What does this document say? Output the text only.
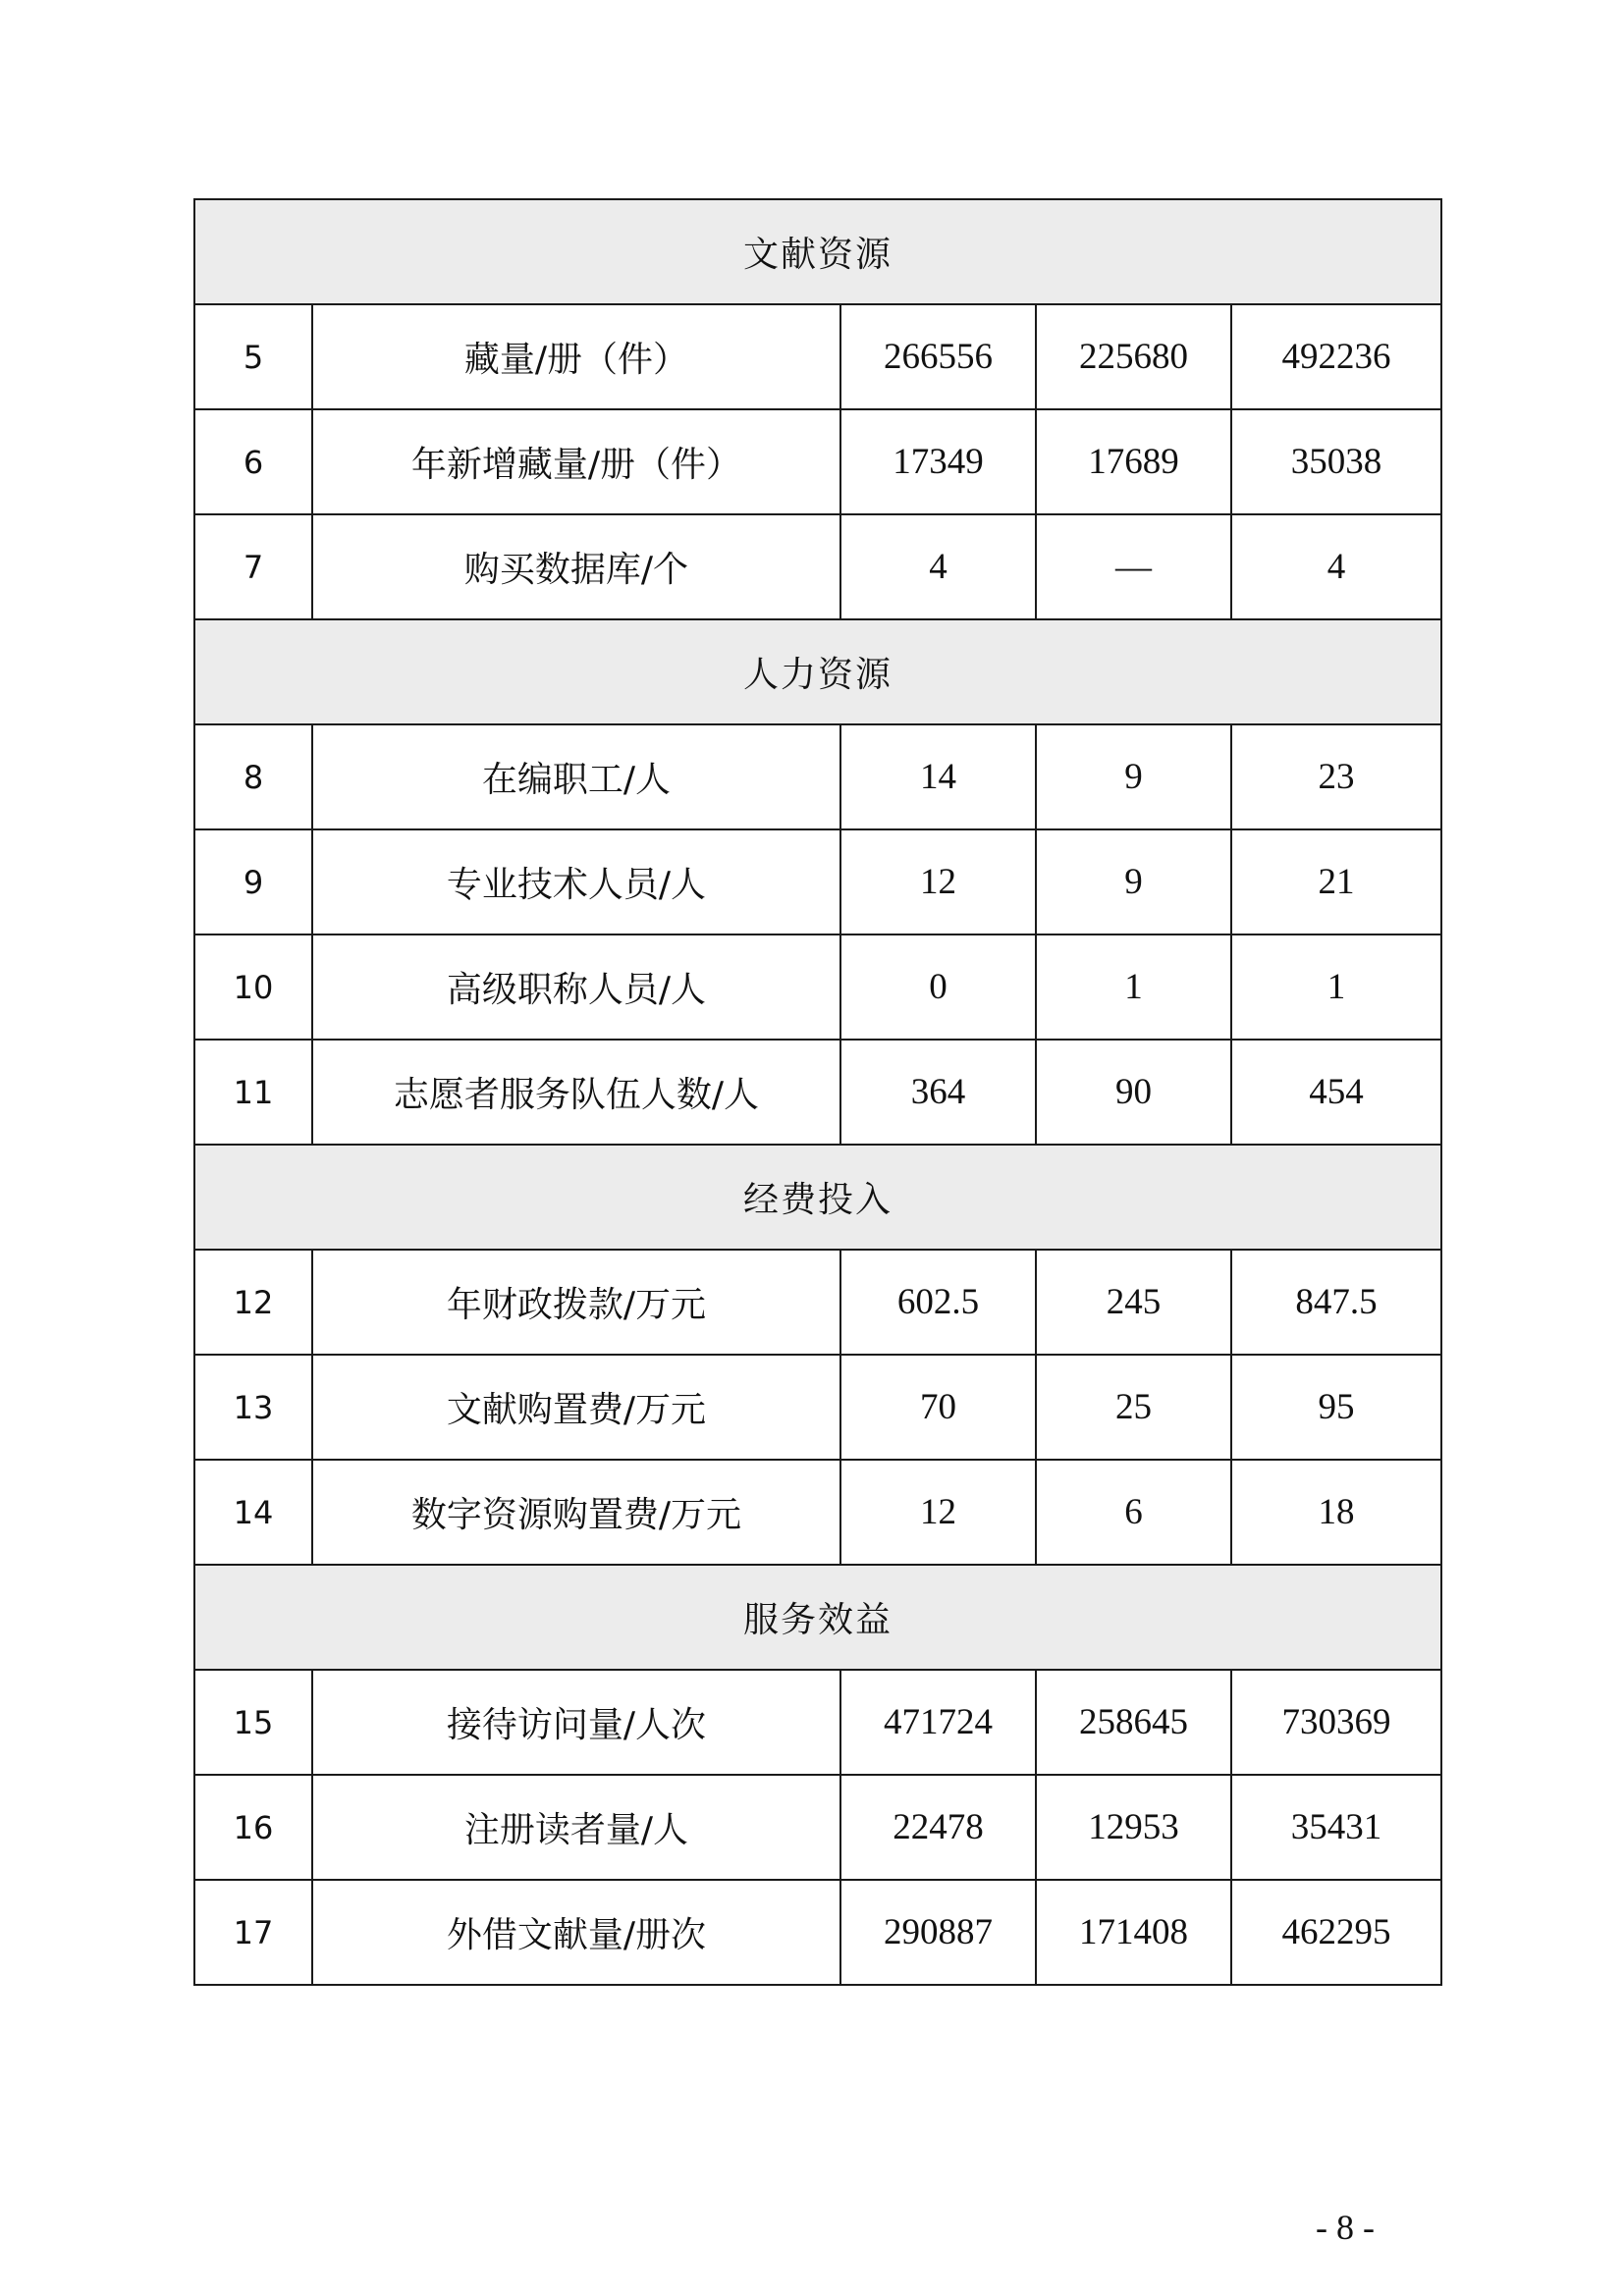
文献资源				
5	藏量/册（件）	266556	225680	492236
6	年新增藏量/册（件）	17349	17689	35038
7	购买数据库/个	4	—	4
人力资源				
8	在编职工/人	14	9	23
9	专业技术人员/人	12	9	21
10	高级职称人员/人	0	1	1
11	志愿者服务队伍人数/人	364	90	454
经费投入				
12	年财政拨款/万元	602.5	245	847.5
13	文献购置费/万元	70	25	95
14	数字资源购置费/万元	12	6	18
服务效益				
15	接待访问量/人次	471724	258645	730369
16	注册读者量/人	22478	12953	35431
17	外借文献量/册次	290887	171408	462295
- 8 -
